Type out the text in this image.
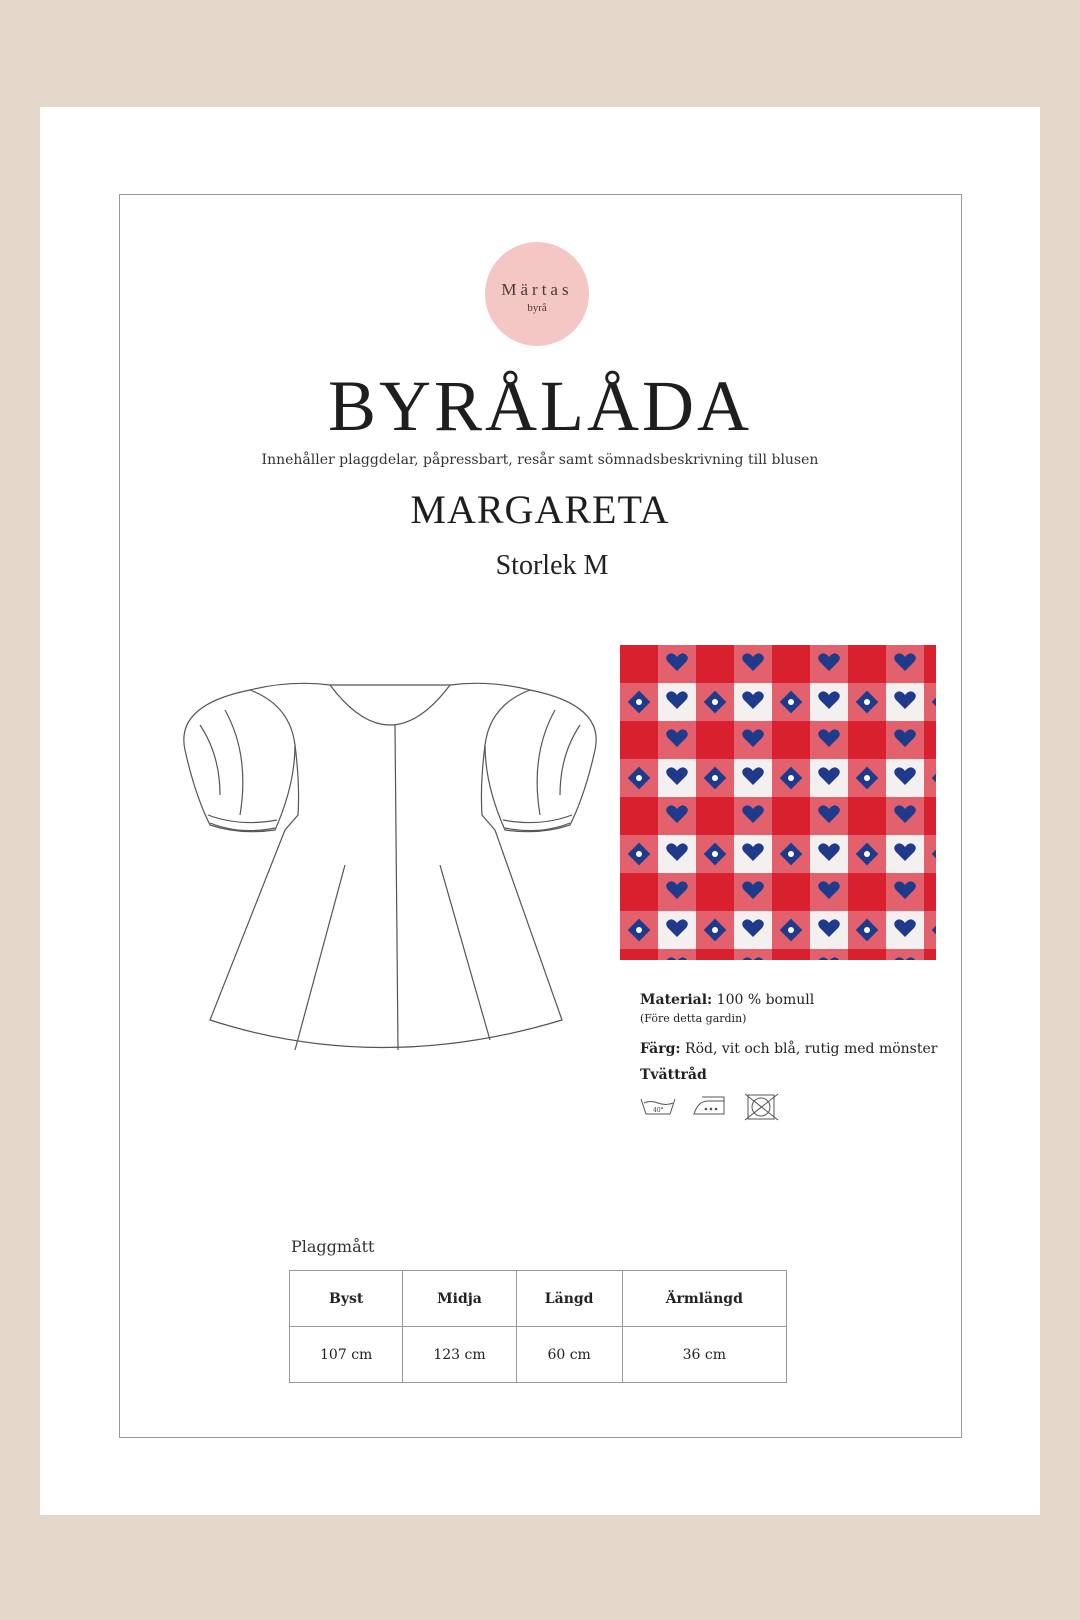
Märtas
byrå
BYRÅLÅDA
Innehåller plaggdelar, påpressbart, resår samt sömnadsbeskrivning till blusen
MARGARETA
Storlek M
Material: 100 % bomull
(Före detta gardin)
Färg: Röd, vit och blå, rutig med mönster
Tvättråd
40°
Plaggmått
Byst	Midja	Längd	Ärmlängd
107 cm	123 cm	60 cm	36 cm
